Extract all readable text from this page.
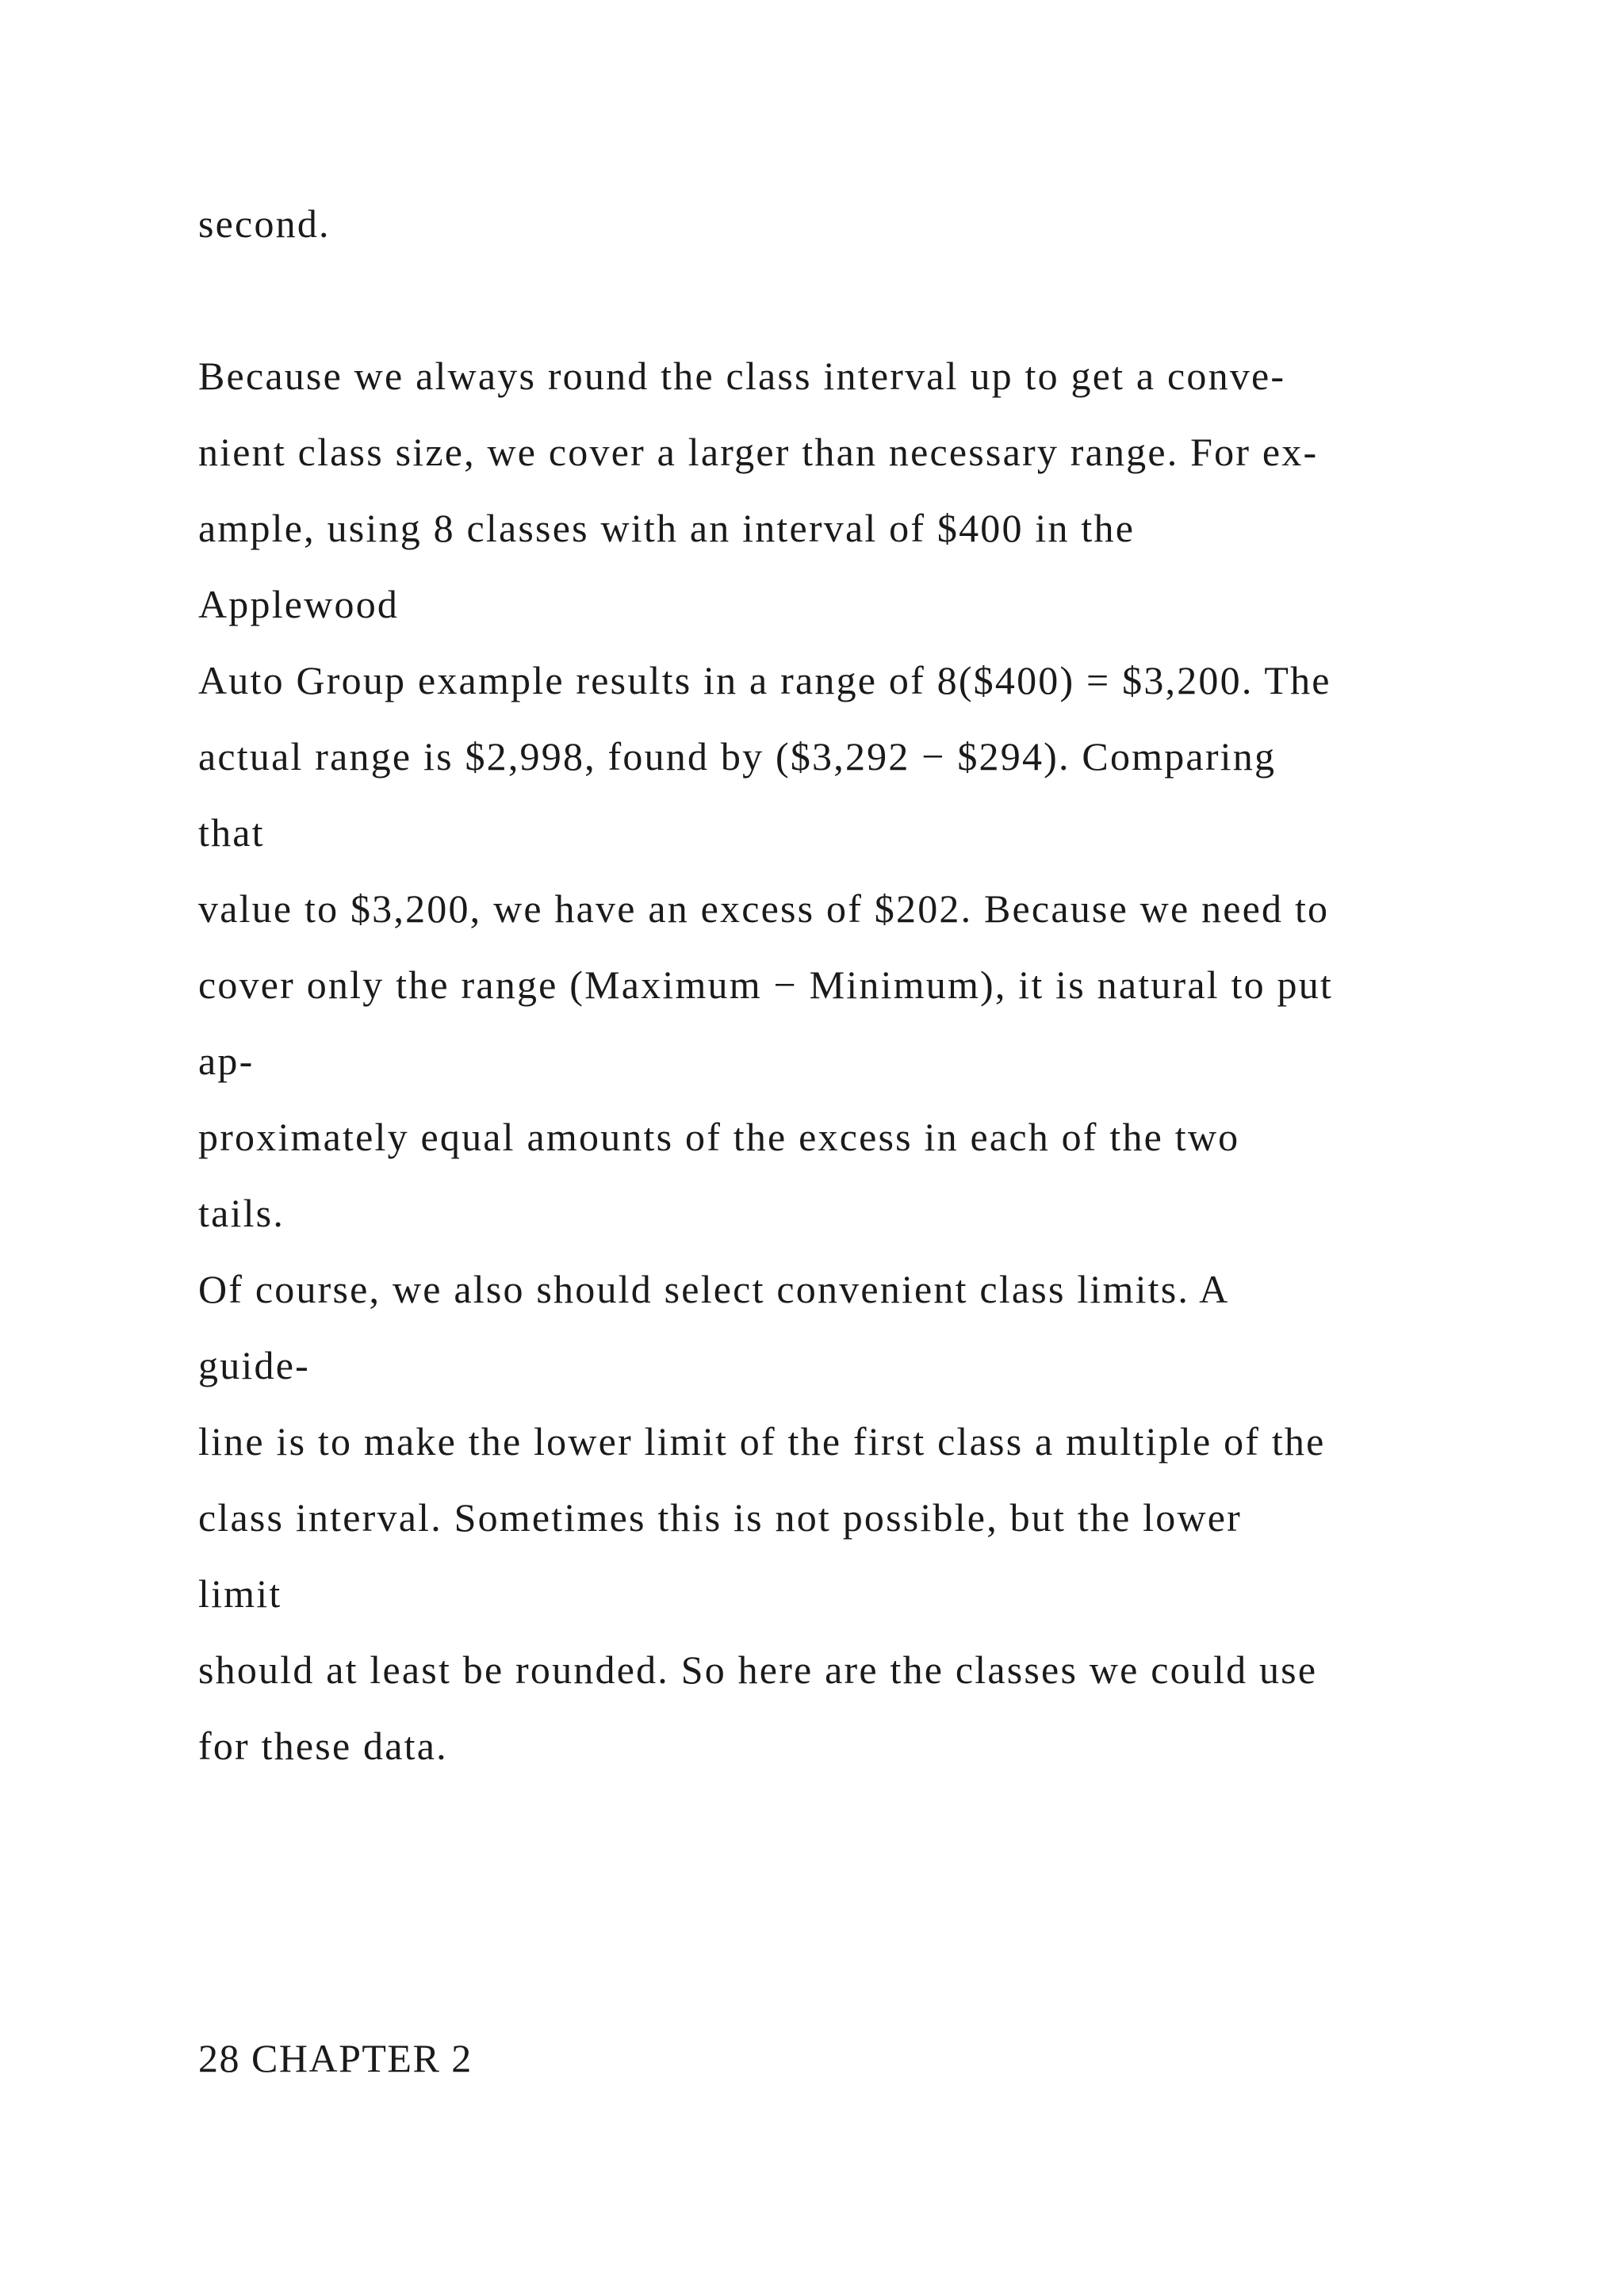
second.
Because we always round the class interval up to get a conve-
nient class size, we cover a larger than necessary range. For ex-
ample, using 8 classes with an interval of $400 in the
Applewood
Auto Group example results in a range of 8($400) = $3,200. The
actual range is $2,998, found by ($3,292 − $294). Comparing
that
value to $3,200, we have an excess of $202. Because we need to
cover only the range (Maximum − Minimum), it is natural to put
ap-
proximately equal amounts of the excess in each of the two
tails.
Of course, we also should select convenient class limits. A
guide-
line is to make the lower limit of the first class a multiple of the
class interval. Sometimes this is not possible, but the lower
limit
should at least be rounded. So here are the classes we could use
for these data.
28 CHAPTER 2
